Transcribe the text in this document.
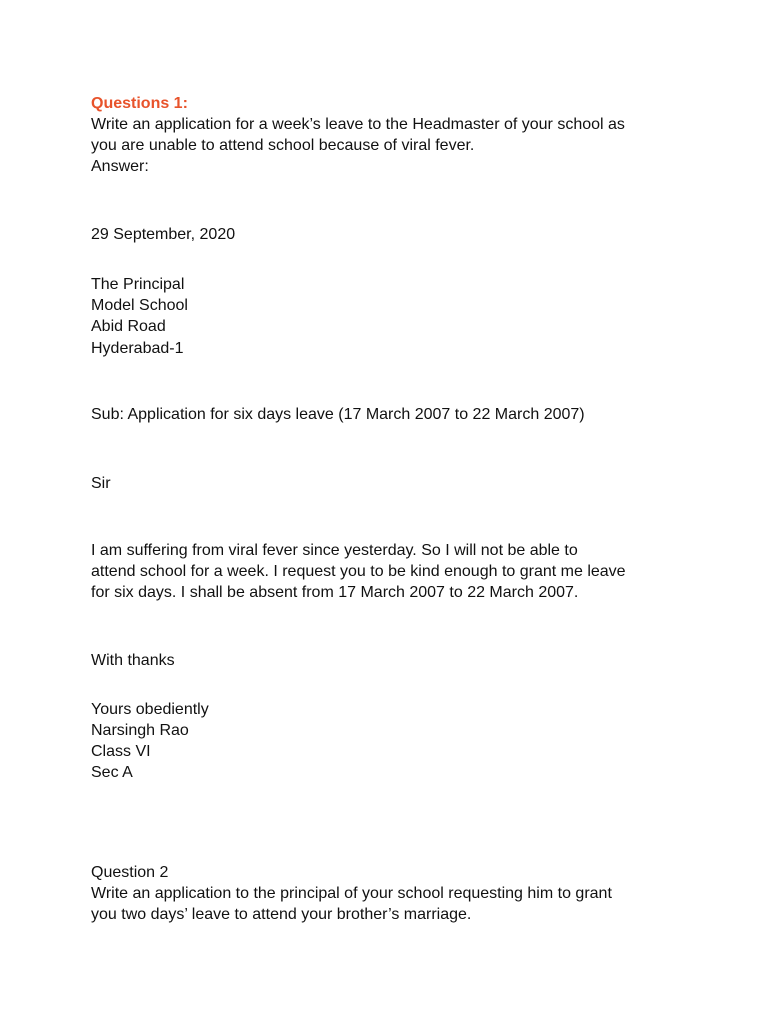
Questions 1:
Write an application for a week’s leave to the Headmaster of your school as
you are unable to attend school because of viral fever.
Answer:
29 September, 2020
The Principal
Model School
Abid Road
Hyderabad-1
Sub: Application for six days leave (17 March 2007 to 22 March 2007)
Sir
I am suffering from viral fever since yesterday. So I will not be able to
attend school for a week. I request you to be kind enough to grant me leave
for six days. I shall be absent from 17 March 2007 to 22 March 2007.
With thanks
Yours obediently
Narsingh Rao
Class VI
Sec A
Question 2
Write an application to the principal of your school requesting him to grant
you two days’ leave to attend your brother’s marriage.
